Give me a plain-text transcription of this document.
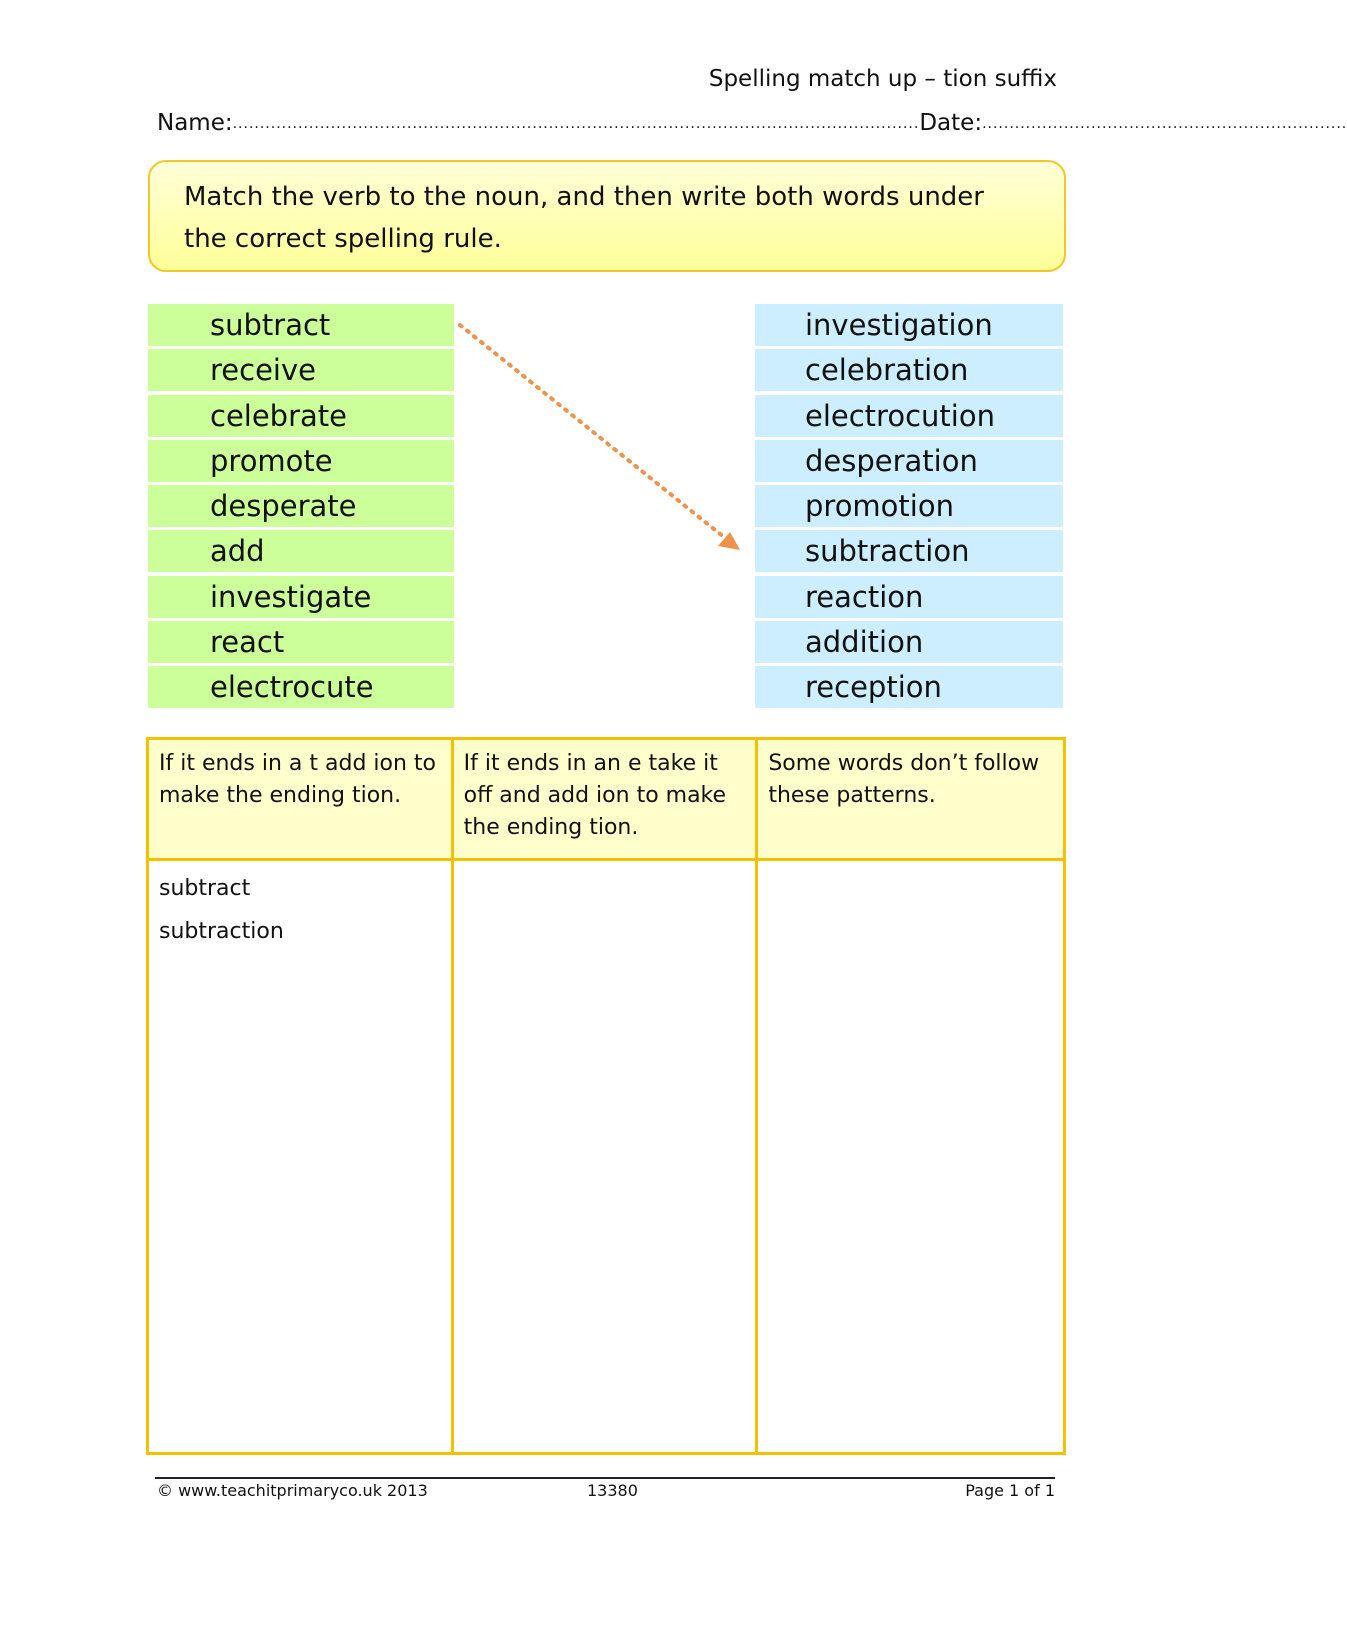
Spelling match up – tion suffix
Name: .............................................................................................................................. Date: ...................................................................
Match the verb to the noun, and then write both words under the correct spelling rule.
subtract
receive
celebrate
promote
desperate
add
investigate
react
electrocute
investigation
celebration
electrocution
desperation
promotion
subtraction
reaction
addition
reception
If it ends in a t add ion to make the ending tion.
If it ends in an e take it off and add ion to make the ending tion.
Some words don’t follow these patterns.
subtract
subtraction
© www.teachitprimaryco.uk 2013	13380	Page 1 of 1
